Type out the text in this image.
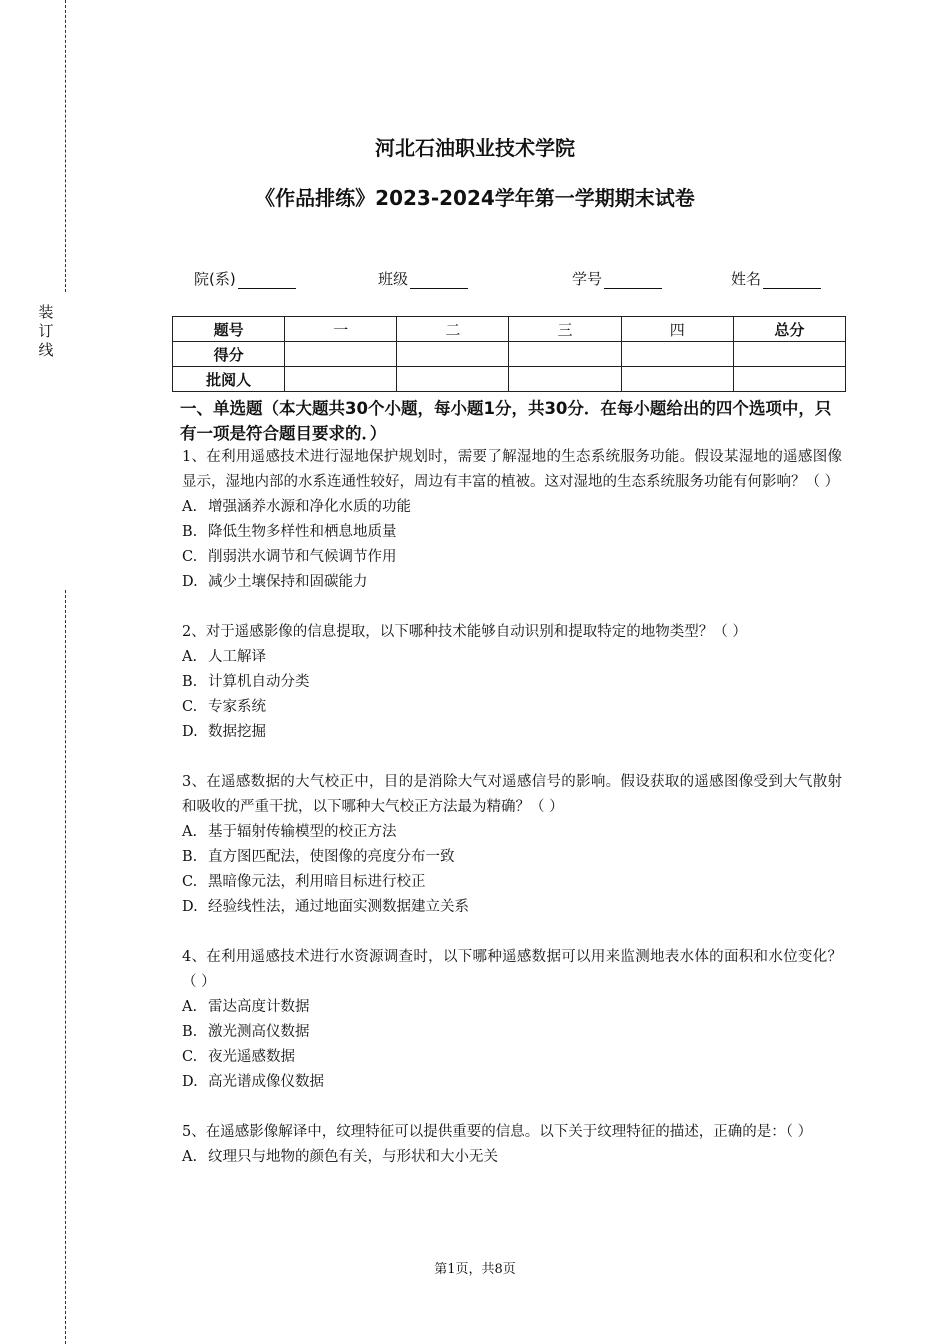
装
订
线
河北石油职业技术学院
《作品排练》2023-2024学年第一学期期末试卷
院(系)	班级	学号	姓名
题号	一	二	三	四	总分
得分					
批阅人					
一、单选题（本大题共30个小题，每小题1分，共30分．在每小题给出的四个选项中，只有一项是符合题目要求的．）

1、在利用遥感技术进行湿地保护规划时，需要了解湿地的生态系统服务功能。假设某湿地的遥感图像显示，湿地内部的水系连通性较好，周边有丰富的植被。这对湿地的生态系统服务功能有何影响？（ ）

A. 增强涵养水源和净化水质的功能
B. 降低生物多样性和栖息地质量
C. 削弱洪水调节和气候调节作用
D. 减少土壤保持和固碳能力

2、对于遥感影像的信息提取，以下哪种技术能够自动识别和提取特定的地物类型？（ ）

A. 人工解译
B. 计算机自动分类
C. 专家系统
D. 数据挖掘

3、在遥感数据的大气校正中，目的是消除大气对遥感信号的影响。假设获取的遥感图像受到大气散射和吸收的严重干扰，以下哪种大气校正方法最为精确？（ ）

A. 基于辐射传输模型的校正方法
B. 直方图匹配法，使图像的亮度分布一致
C. 黑暗像元法，利用暗目标进行校正
D. 经验线性法，通过地面实测数据建立关系

4、在利用遥感技术进行水资源调查时，以下哪种遥感数据可以用来监测地表水体的面积和水位变化？（ ）

A. 雷达高度计数据
B. 激光测高仪数据
C. 夜光遥感数据
D. 高光谱成像仪数据

5、在遥感影像解译中，纹理特征可以提供重要的信息。以下关于纹理特征的描述，正确的是：（ ）

A. 纹理只与地物的颜色有关，与形状和大小无关
第1页，共8页
